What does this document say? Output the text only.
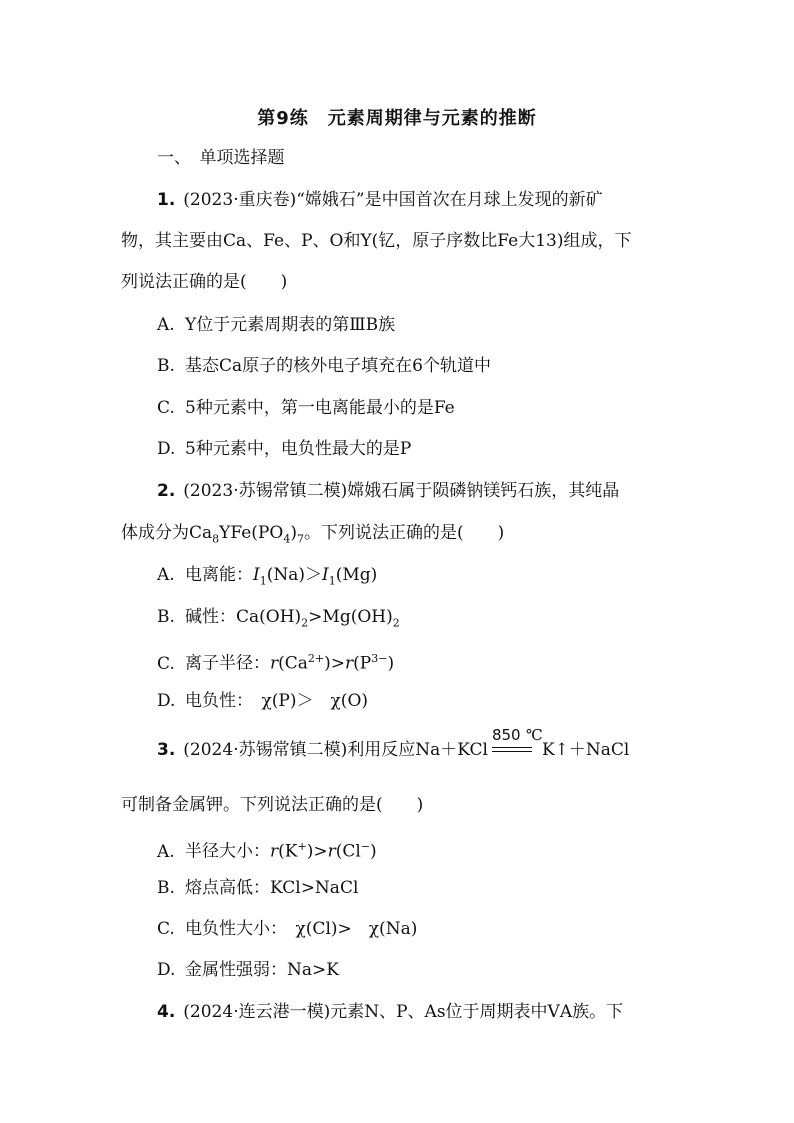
第9练　元素周期律与元素的推断
一、　单项选择题
1. (2023·重庆卷)“嫦娥石”是中国首次在月球上发现的新矿
物，其主要由Ca、Fe、P、O和Y(钇，原子序数比Fe大13)组成，下
列说法正确的是(　　)
A. Y位于元素周期表的第ⅢB族
B. 基态Ca原子的核外电子填充在6个轨道中
C. 5种元素中，第一电离能最小的是Fe
D. 5种元素中，电负性最大的是P
2. (2023·苏锡常镇二模)嫦娥石属于陨磷钠镁钙石族，其纯晶
体成分为$Ca_8YFe(PO_4)_7$。下列说法正确的是(　　)
A. 电离能：$I_1(Na)>I_1(Mg)$
B. 碱性：$Ca(OH)_2>Mg(OH)_2$
C. 离子半径：$r(Ca^{2+})>r(P^{3-})$
D. 电负性：　χ(P)＞　χ(O)
3. (2024·苏锡常镇二模)利用反应Na＋KCl
850 ℃
K↑＋NaCl
可制备金属钾。下列说法正确的是(　　)
A. 半径大小：r(K+)>r(Cl−)
B. 熔点高低：KCl>NaCl
C. 电负性大小：　χ(Cl)>　χ(Na)
D. 金属性强弱：Na>K
4. (2024·连云港一模)元素N、P、As位于周期表中ⅤA族。下
